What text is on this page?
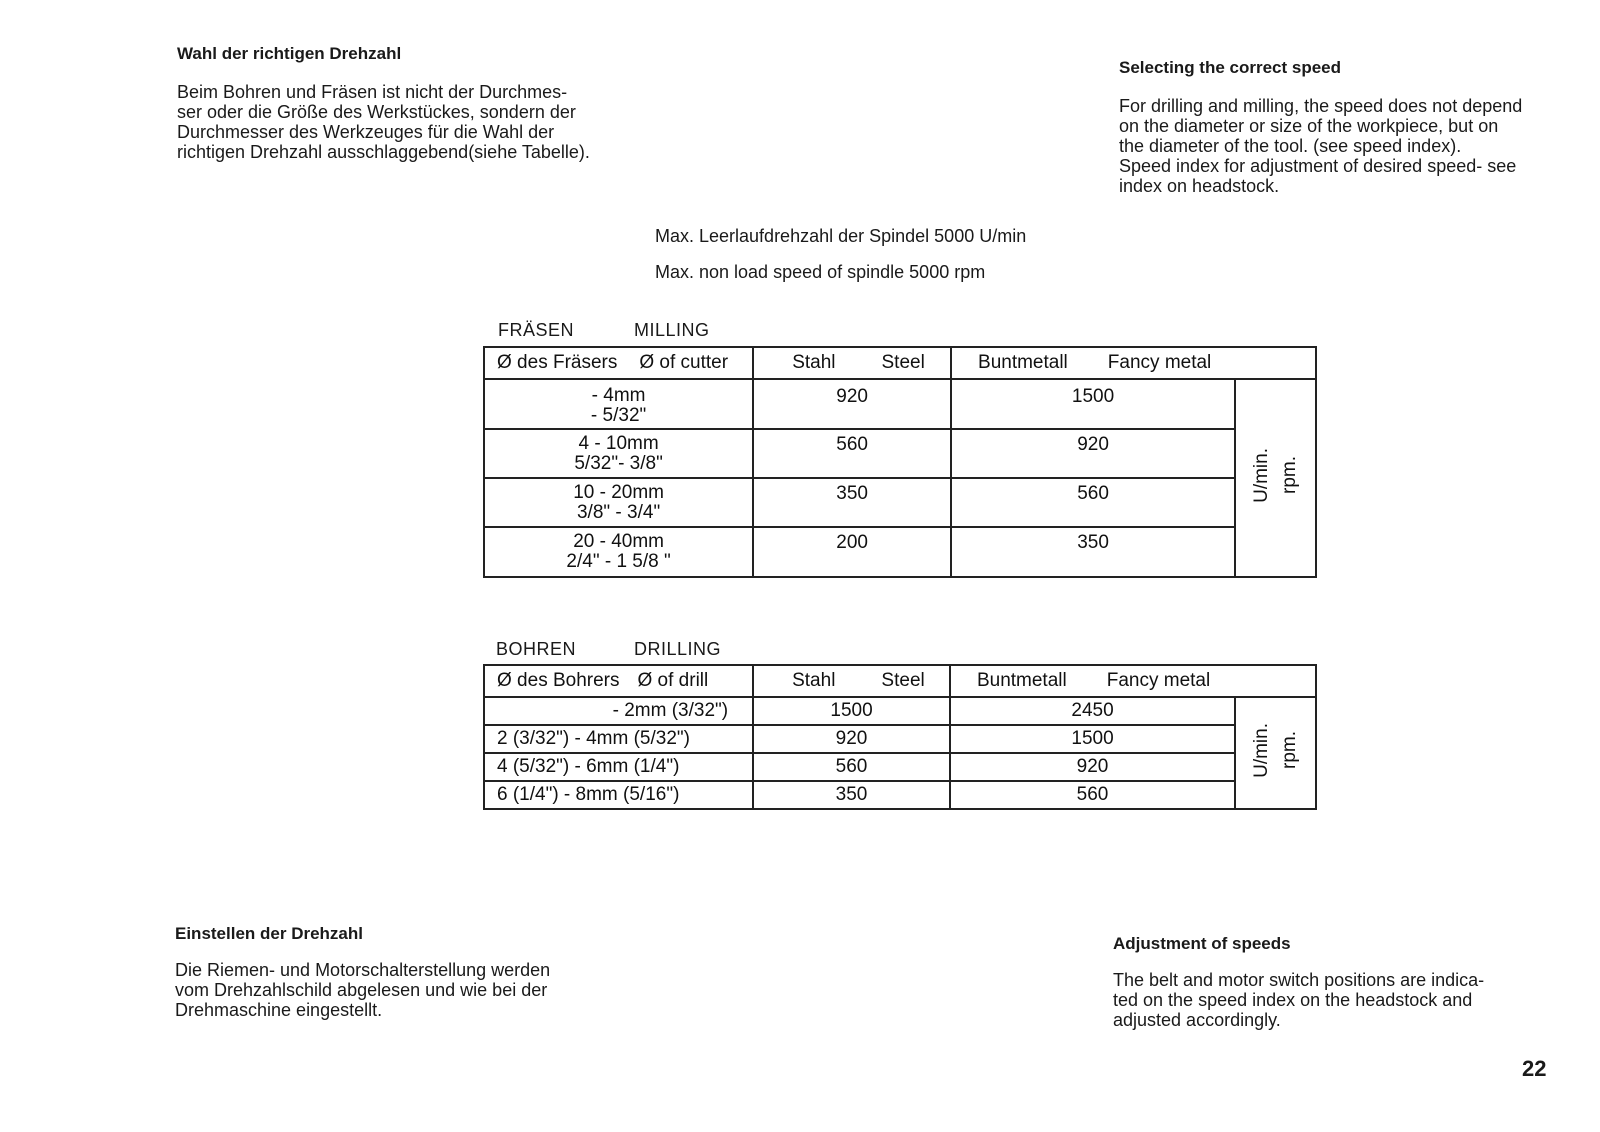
Wahl der richtigen Drehzahl
Beim Bohren und Fräsen ist nicht der Durchmes-
ser oder die Größe des Werkstückes, sondern der
Durchmesser des Werkzeuges für die Wahl der
richtigen Drehzahl ausschlaggebend(siehe Tabelle).
Selecting the correct speed
For drilling and milling, the speed does not depend
on the diameter or size of the workpiece, but on
the diameter of the tool. (see speed index).
Speed index for adjustment of desired speed- see
index on headstock.
Max. Leerlaufdrehzahl der Spindel 5000 U/min
Max. non load speed of spindle 5000 rpm
FRÄSEN	MILLING
Ø des Fräsers Ø of cutter	Stahl Steel	Buntmetall Fancy metal	

- 4mm
- 5/32"	920	1500	U/min. rpm.

4 - 10mm
5/32"- 3/8"	560	920	
10 - 20mm
3/8" - 3/4"	350	560	
20 - 40mm
2/4" - 1 5/8 "	200	350	
BOHREN	DRILLING
Ø des Bohrers Ø of drill	Stahl Steel	Buntmetall Fancy metal	

- 2mm (3/32")	1500	2450	U/min. rpm.

2 (3/32") - 4mm (5/32")	920	1500	
4 (5/32") - 6mm (1/4")	560	920	
6 (1/4") - 8mm (5/16")	350	560	
Einstellen der Drehzahl
Die Riemen- und Motorschalterstellung werden
vom Drehzahlschild abgelesen und wie bei der
Drehmaschine eingestellt.
Adjustment of speeds
The belt and motor switch positions are indica-
ted on the speed index on the headstock and
adjusted accordingly.
22
